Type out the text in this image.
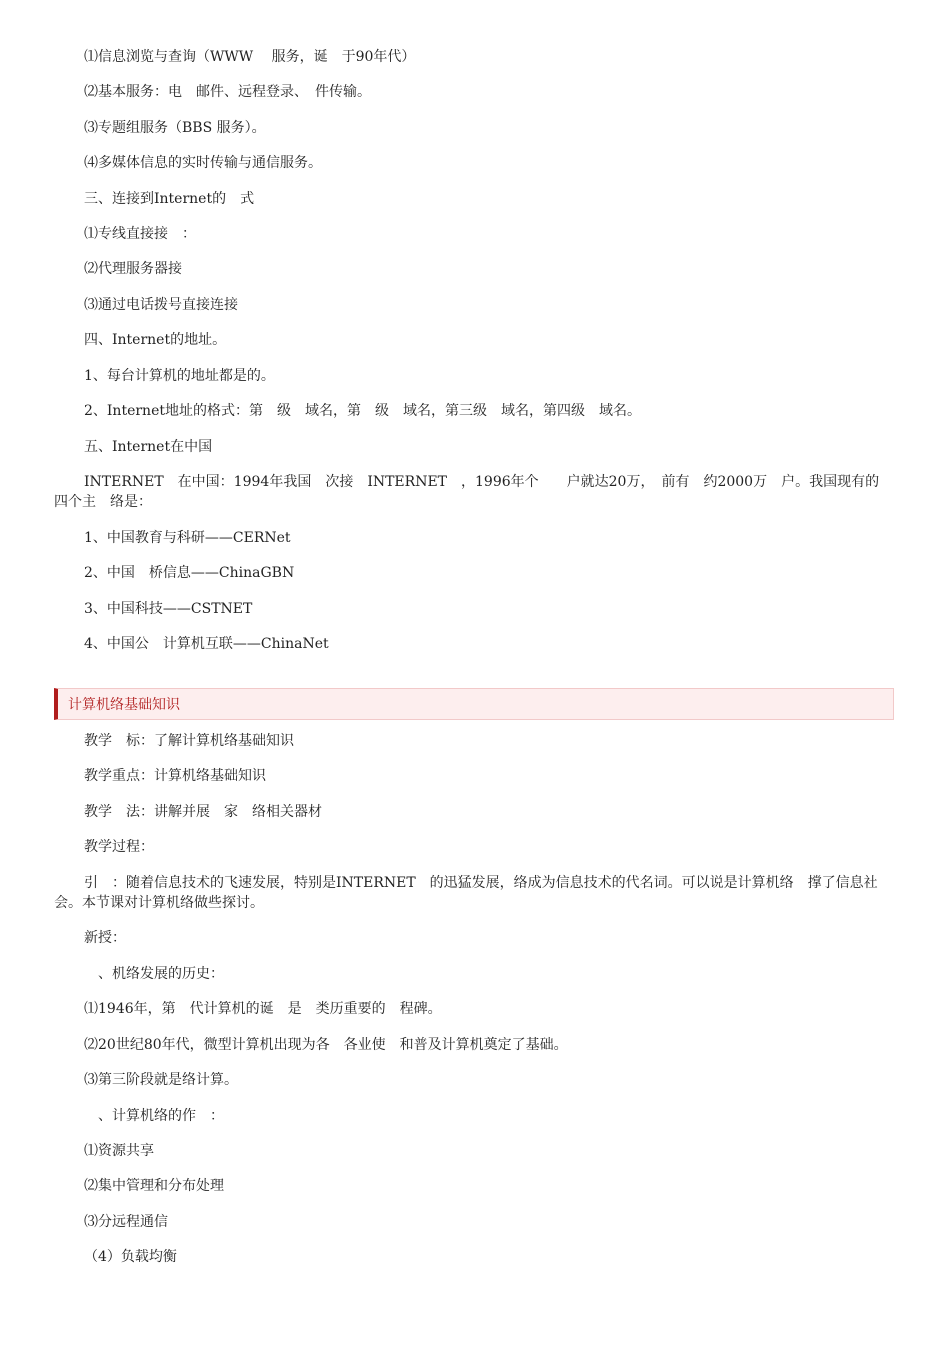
⑴信息浏览与查询（WWW　 服务，诞　于90年代）
⑵基本服务：电　邮件、远程登录、　件传输。
⑶专题组服务（BBS 服务）。
⑷多媒体信息的实时传输与通信服务。
三、连接到Internet的　式
⑴专线直接接　：
⑵代理服务器接
⑶通过电话拨号直接连接
四、Internet的地址。
1、每台计算机的地址都是的。
2、Internet地址的格式：第　级　域名，第　级　域名，第三级　域名，第四级　域名。
五、Internet在中国
INTERNET　在中国：1994年我国　次接　INTERNET　，1996年个　　户就达20万，　前有　约2000万　户。我国现有的四个主　络是：
1、中国教育与科研——CERNet
2、中国　桥信息——ChinaGBN
3、中国科技——CSTNET
4、中国公　计算机互联——ChinaNet
计算机络基础知识
教学　标：了解计算机络基础知识
教学重点：计算机络基础知识
教学　法：讲解并展　家　络相关器材
教学过程：
引　：随着信息技术的飞速发展，特别是INTERNET　的迅猛发展，络成为信息技术的代名词。可以说是计算机络　撑了信息社会。本节课对计算机络做些探讨。
新授：
　、机络发展的历史：
⑴1946年，第　代计算机的诞　是　类历重要的　程碑。
⑵20世纪80年代，微型计算机出现为各　各业使　和普及计算机奠定了基础。
⑶第三阶段就是络计算。
　、计算机络的作　：
⑴资源共享
⑵集中管理和分布处理
⑶分远程通信
（4）负载均衡
